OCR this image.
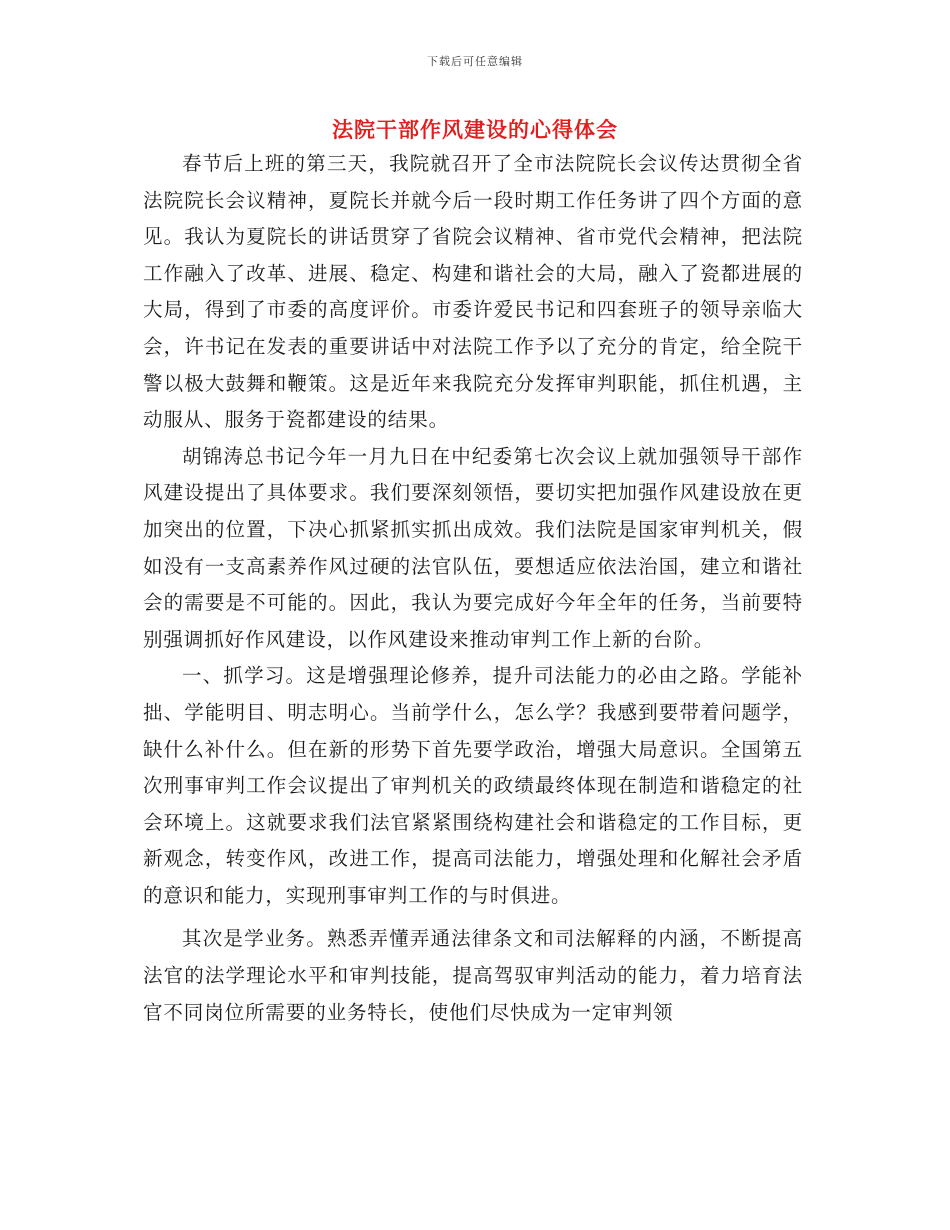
下载后可任意编辑
法院干部作风建设的心得体会

春节后上班的第三天，我院就召开了全市法院院长会议传达贯彻全省法院院长会议精神，夏院长并就今后一段时期工作任务讲了四个方面的意见。我认为夏院长的讲话贯穿了省院会议精神、省市党代会精神，把法院工作融入了改革、进展、稳定、构建和谐社会的大局，融入了瓷都进展的大局，得到了市委的高度评价。市委许爱民书记和四套班子的领导亲临大会，许书记在发表的重要讲话中对法院工作予以了充分的肯定，给全院干警以极大鼓舞和鞭策。这是近年来我院充分发挥审判职能，抓住机遇，主动服从、服务于瓷都建设的结果。

胡锦涛总书记今年一月九日在中纪委第七次会议上就加强领导干部作风建设提出了具体要求。我们要深刻领悟，要切实把加强作风建设放在更加突出的位置，下决心抓紧抓实抓出成效。我们法院是国家审判机关，假如没有一支高素养作风过硬的法官队伍，要想适应依法治国，建立和谐社会的需要是不可能的。因此，我认为要完成好今年全年的任务，当前要特别强调抓好作风建设，以作风建设来推动审判工作上新的台阶。

一、抓学习。这是增强理论修养，提升司法能力的必由之路。学能补拙、学能明目、明志明心。当前学什么，怎么学？我感到要带着问题学，缺什么补什么。但在新的形势下首先要学政治，增强大局意识。全国第五次刑事审判工作会议提出了审判机关的政绩最终体现在制造和谐稳定的社会环境上。这就要求我们法官紧紧围绕构建社会和谐稳定的工作目标，更新观念，转变作风，改进工作，提高司法能力，增强处理和化解社会矛盾的意识和能力，实现刑事审判工作的与时俱进。

其次是学业务。熟悉弄懂弄通法律条文和司法解释的内涵，不断提高法官的法学理论水平和审判技能，提高驾驭审判活动的能力，着力培育法官不同岗位所需要的业务特长，使他们尽快成为一定审判领
